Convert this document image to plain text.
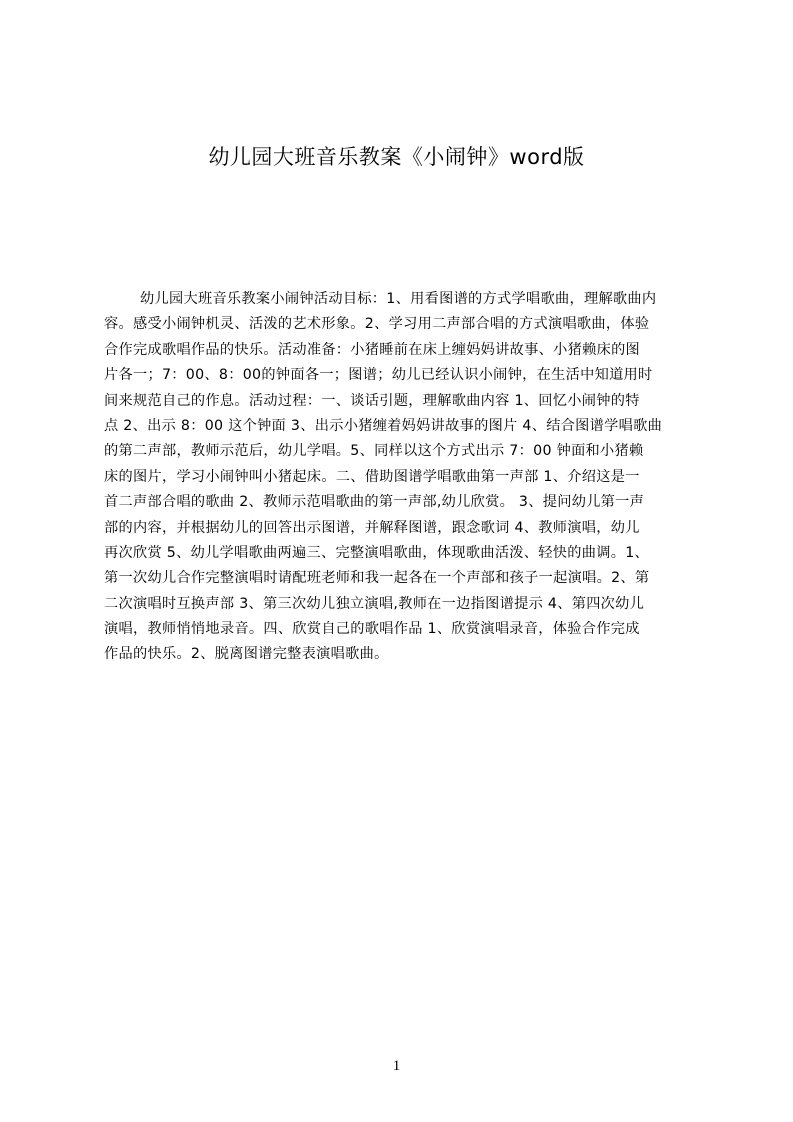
幼儿园大班音乐教案《小闹钟》word版
幼儿园大班音乐教案小闹钟活动目标：1、用看图谱的方式学唱歌曲，理解歌曲内
容。感受小闹钟机灵、活泼的艺术形象。2、学习用二声部合唱的方式演唱歌曲，体验
合作完成歌唱作品的快乐。活动准备：小猪睡前在床上缠妈妈讲故事、小猪赖床的图
片各一；7：00、8：00的钟面各一；图谱；幼儿已经认识小闹钟，在生活中知道用时
间来规范自己的作息。活动过程：一、谈话引题，理解歌曲内容 1、回忆小闹钟的特
点 2、出示 8：00 这个钟面 3、出示小猪缠着妈妈讲故事的图片 4、结合图谱学唱歌曲
的第二声部，教师示范后，幼儿学唱。5、同样以这个方式出示 7：00 钟面和小猪赖
床的图片，学习小闹钟叫小猪起床。二、借助图谱学唱歌曲第一声部 1、介绍这是一
首二声部合唱的歌曲 2、教师示范唱歌曲的第一声部,幼儿欣赏。 3、提问幼儿第一声
部的内容，并根据幼儿的回答出示图谱，并解释图谱，跟念歌词 4、教师演唱，幼儿
再次欣赏 5、幼儿学唱歌曲两遍三、完整演唱歌曲，体现歌曲活泼、轻快的曲调。1、
第一次幼儿合作完整演唱时请配班老师和我一起各在一个声部和孩子一起演唱。2、第
二次演唱时互换声部 3、第三次幼儿独立演唱,教师在一边指图谱提示 4、第四次幼儿
演唱，教师悄悄地录音。四、欣赏自己的歌唱作品 1、欣赏演唱录音，体验合作完成
作品的快乐。2、脱离图谱完整表演唱歌曲。
1
